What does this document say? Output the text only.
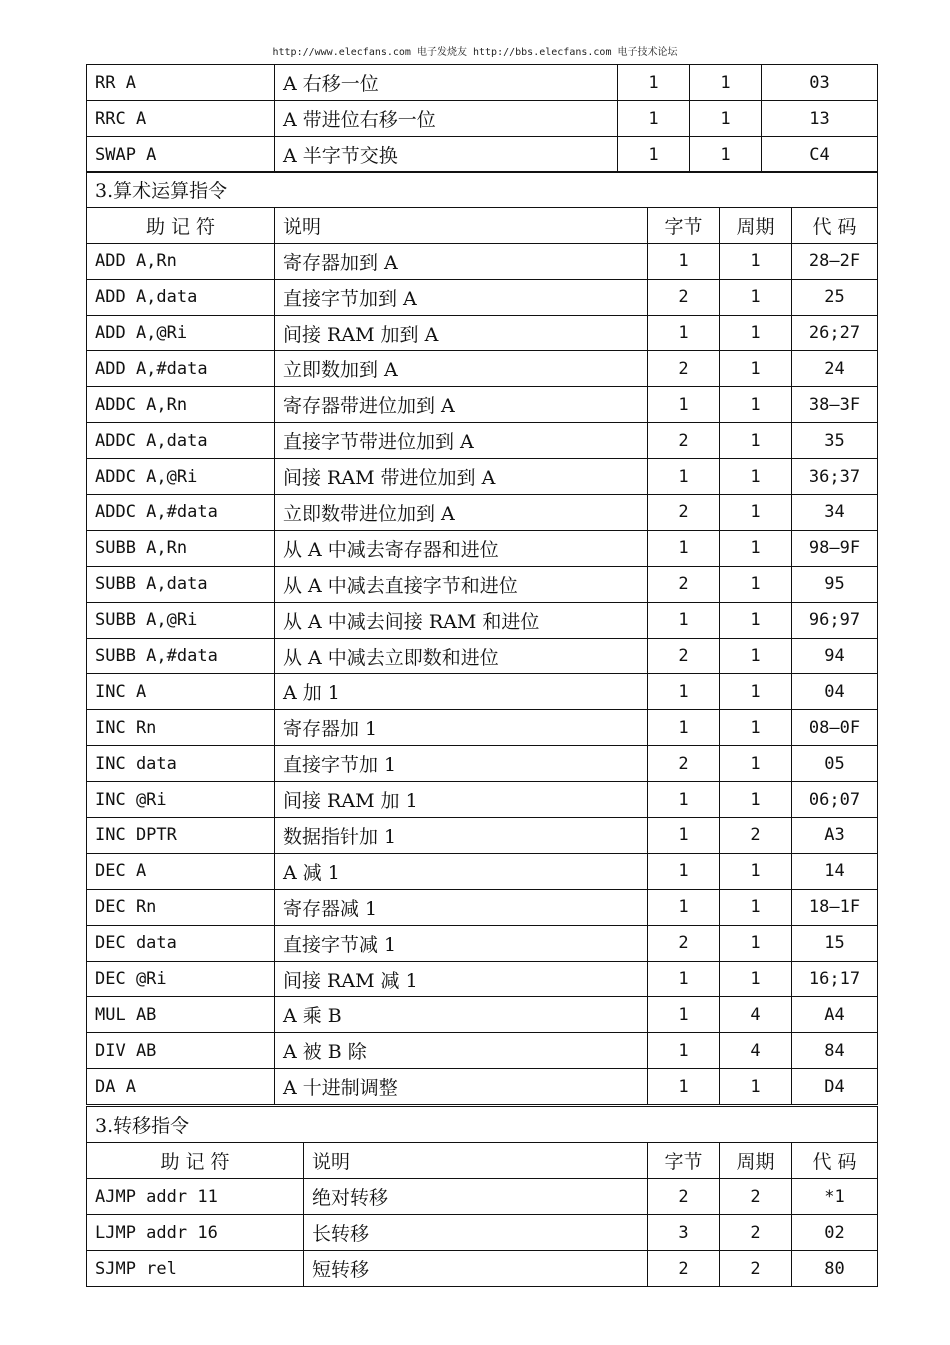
http://www.elecfans.com 电子发烧友 http://bbs.elecfans.com 电子技术论坛
RR A	A 右移一位	1	1	03
RRC A	A 带进位右移一位	1	1	13
SWAP A	A 半字节交换	1	1	C4
3.算术运算指令				
助 记 符	说明	字节	周期	代 码
ADD A,Rn	寄存器加到 A	1	1	28—2F
ADD A,data	直接字节加到 A	2	1	25
ADD A,@Ri	间接 RAM 加到 A	1	1	26;27
ADD A,#data	立即数加到 A	2	1	24
ADDC A,Rn	寄存器带进位加到 A	1	1	38—3F
ADDC A,data	直接字节带进位加到 A	2	1	35
ADDC A,@Ri	间接 RAM 带进位加到 A	1	1	36;37
ADDC A,#data	立即数带进位加到 A	2	1	34
SUBB A,Rn	从 A 中减去寄存器和进位	1	1	98—9F
SUBB A,data	从 A 中减去直接字节和进位	2	1	95
SUBB A,@Ri	从 A 中减去间接 RAM 和进位	1	1	96;97
SUBB A,#data	从 A 中减去立即数和进位	2	1	94
INC A	A 加 1	1	1	04
INC Rn	寄存器加 1	1	1	08—0F
INC data	直接字节加 1	2	1	05
INC @Ri	间接 RAM 加 1	1	1	06;07
INC DPTR	数据指针加 1	1	2	A3
DEC A	A 减 1	1	1	14
DEC Rn	寄存器减 1	1	1	18—1F
DEC data	直接字节减 1	2	1	15
DEC @Ri	间接 RAM 减 1	1	1	16;17
MUL AB	A 乘 B	1	4	A4
DIV AB	A 被 B 除	1	4	84
DA A	A 十进制调整	1	1	D4
3.转移指令				
助 记 符	说明	字节	周期	代 码
AJMP addr 11	绝对转移	2	2	*1
LJMP addr 16	长转移	3	2	02
SJMP rel	短转移	2	2	80
